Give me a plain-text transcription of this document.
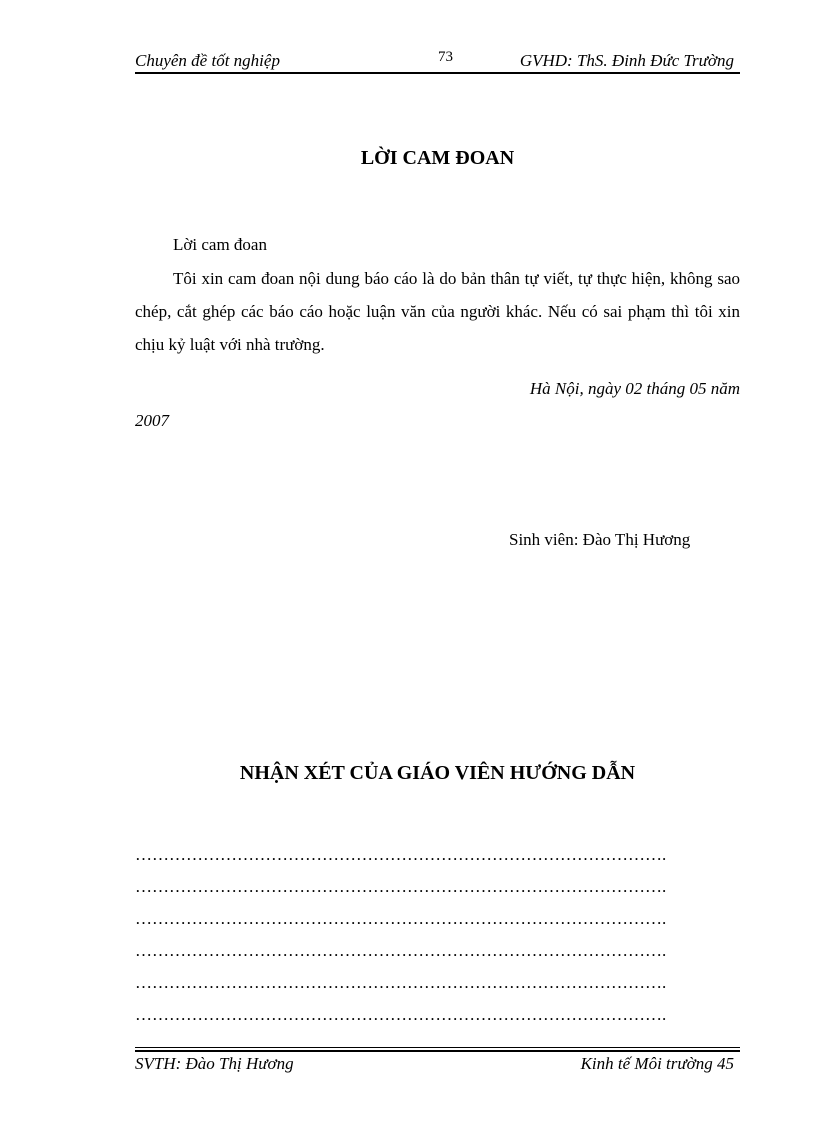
Chuyên đề tốt nghiệp	73	GVHD: ThS. Đinh Đức Trường
LỜI CAM ĐOAN
Lời cam đoan
Tôi xin cam đoan nội dung báo cáo là do bản thân tự viết, tự thực hiện, không sao chép, cắt ghép các báo cáo hoặc luận văn của người khác. Nếu có sai phạm thì tôi xin chịu kỷ luật với nhà trường.
Hà Nội, ngày 02 tháng 05 năm
2007
Sinh viên: Đào Thị Hương
NHẬN XÉT CỦA GIÁO VIÊN HƯỚNG DẪN
………………………………………………………………………………….
………………………………………………………………………………….
………………………………………………………………………………….
………………………………………………………………………………….
………………………………………………………………………………….
………………………………………………………………………………….
SVTH: Đào Thị Hương	Kinh tế Môi trường 45
